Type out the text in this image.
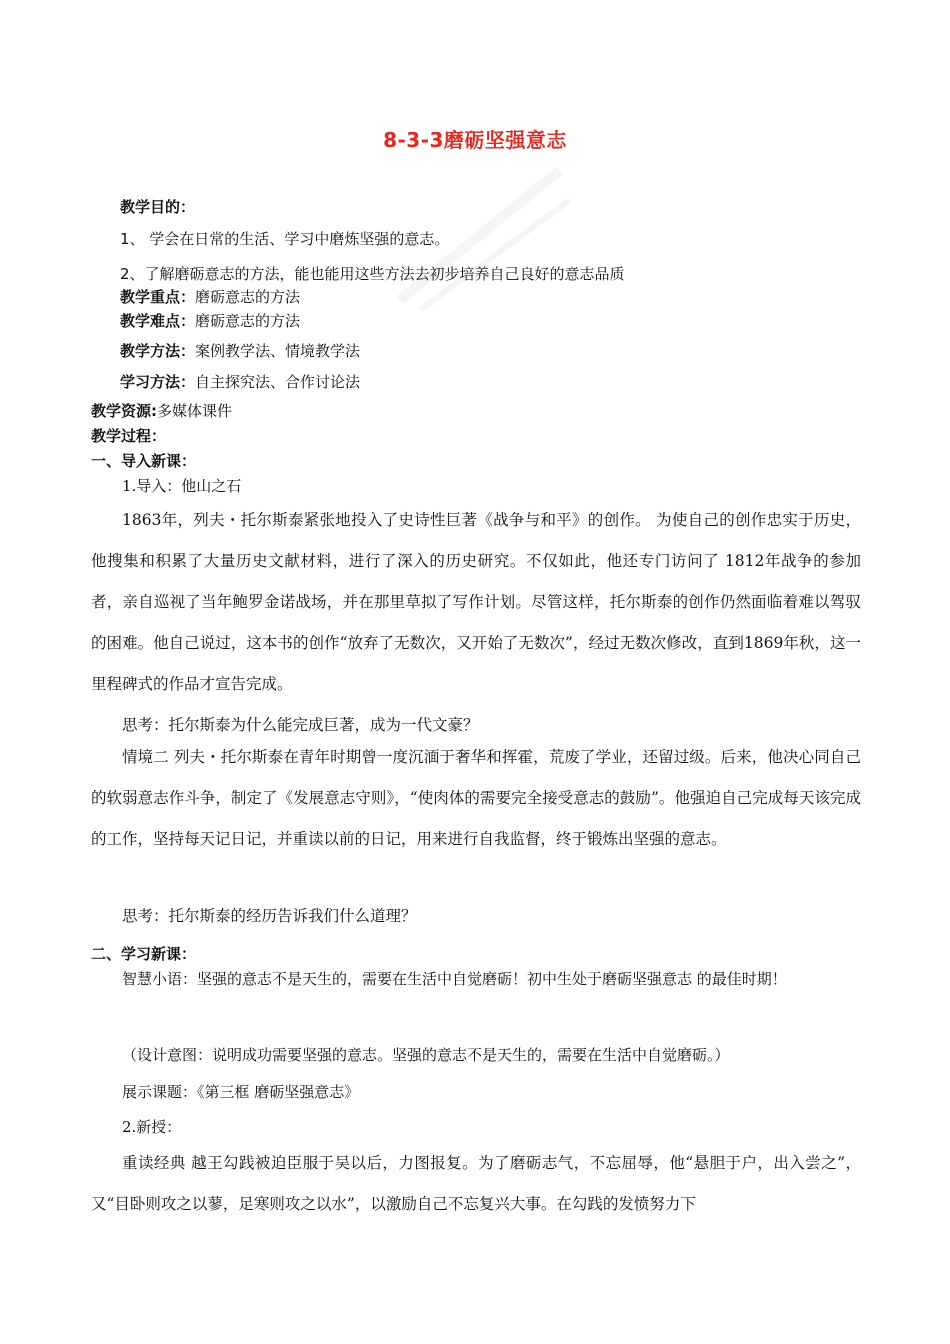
8-3-3磨砺坚强意志
教学目的：
1、 学会在日常的生活、学习中磨炼坚强的意志。
2、了解磨砺意志的方法，能也能用这些方法去初步培养自己良好的意志品质
教学重点：磨砺意志的方法
教学难点：磨砺意志的方法
教学方法：案例教学法、情境教学法
学习方法：自主探究法、合作讨论法
教学资源:多媒体课件
教学过程：
一、导入新课：
1.导入：他山之石
1863年，列夫・托尔斯泰紧张地投入了史诗性巨著《战争与和平》的创作。 为使自己的创作忠实于历史，他搜集和积累了大量历史文献材料，进行了深入的历史研究。不仅如此，他还专门访问了 1812年战争的参加者，亲自巡视了当年鲍罗金诺战场，并在那里草拟了写作计划。尽管这样，托尔斯泰的创作仍然面临着难以驾驭的困难。他自己说过，这本书的创作“放弃了无数次，又开始了无数次”，经过无数次修改，直到1869年秋，这一里程碑式的作品才宣告完成。
思考：托尔斯泰为什么能完成巨著，成为一代文豪？
情境二 列夫・托尔斯泰在青年时期曾一度沉湎于奢华和挥霍，荒废了学业，还留过级。后来，他决心同自己的软弱意志作斗争，制定了《发展意志守则》，“使肉体的需要完全接受意志的鼓励”。他强迫自己完成每天该完成的工作，坚持每天记日记，并重读以前的日记，用来进行自我监督，终于锻炼出坚强的意志。
思考：托尔斯泰的经历告诉我们什么道理？
二、学习新课：
智慧小语：坚强的意志不是天生的，需要在生活中自觉磨砺！初中生处于磨砺坚强意志 的最佳时期！
（设计意图：说明成功需要坚强的意志。坚强的意志不是天生的，需要在生活中自觉磨砺。）
展示课题：《第三框 磨砺坚强意志》
2.新授：
重读经典 越王勾践被迫臣服于吴以后，力图报复。为了磨砺志气，不忘屈辱，他“悬胆于户，出入尝之”，又“目卧则攻之以蓼，足寒则攻之以水”，以激励自己不忘复兴大事。在勾践的发愤努力下
